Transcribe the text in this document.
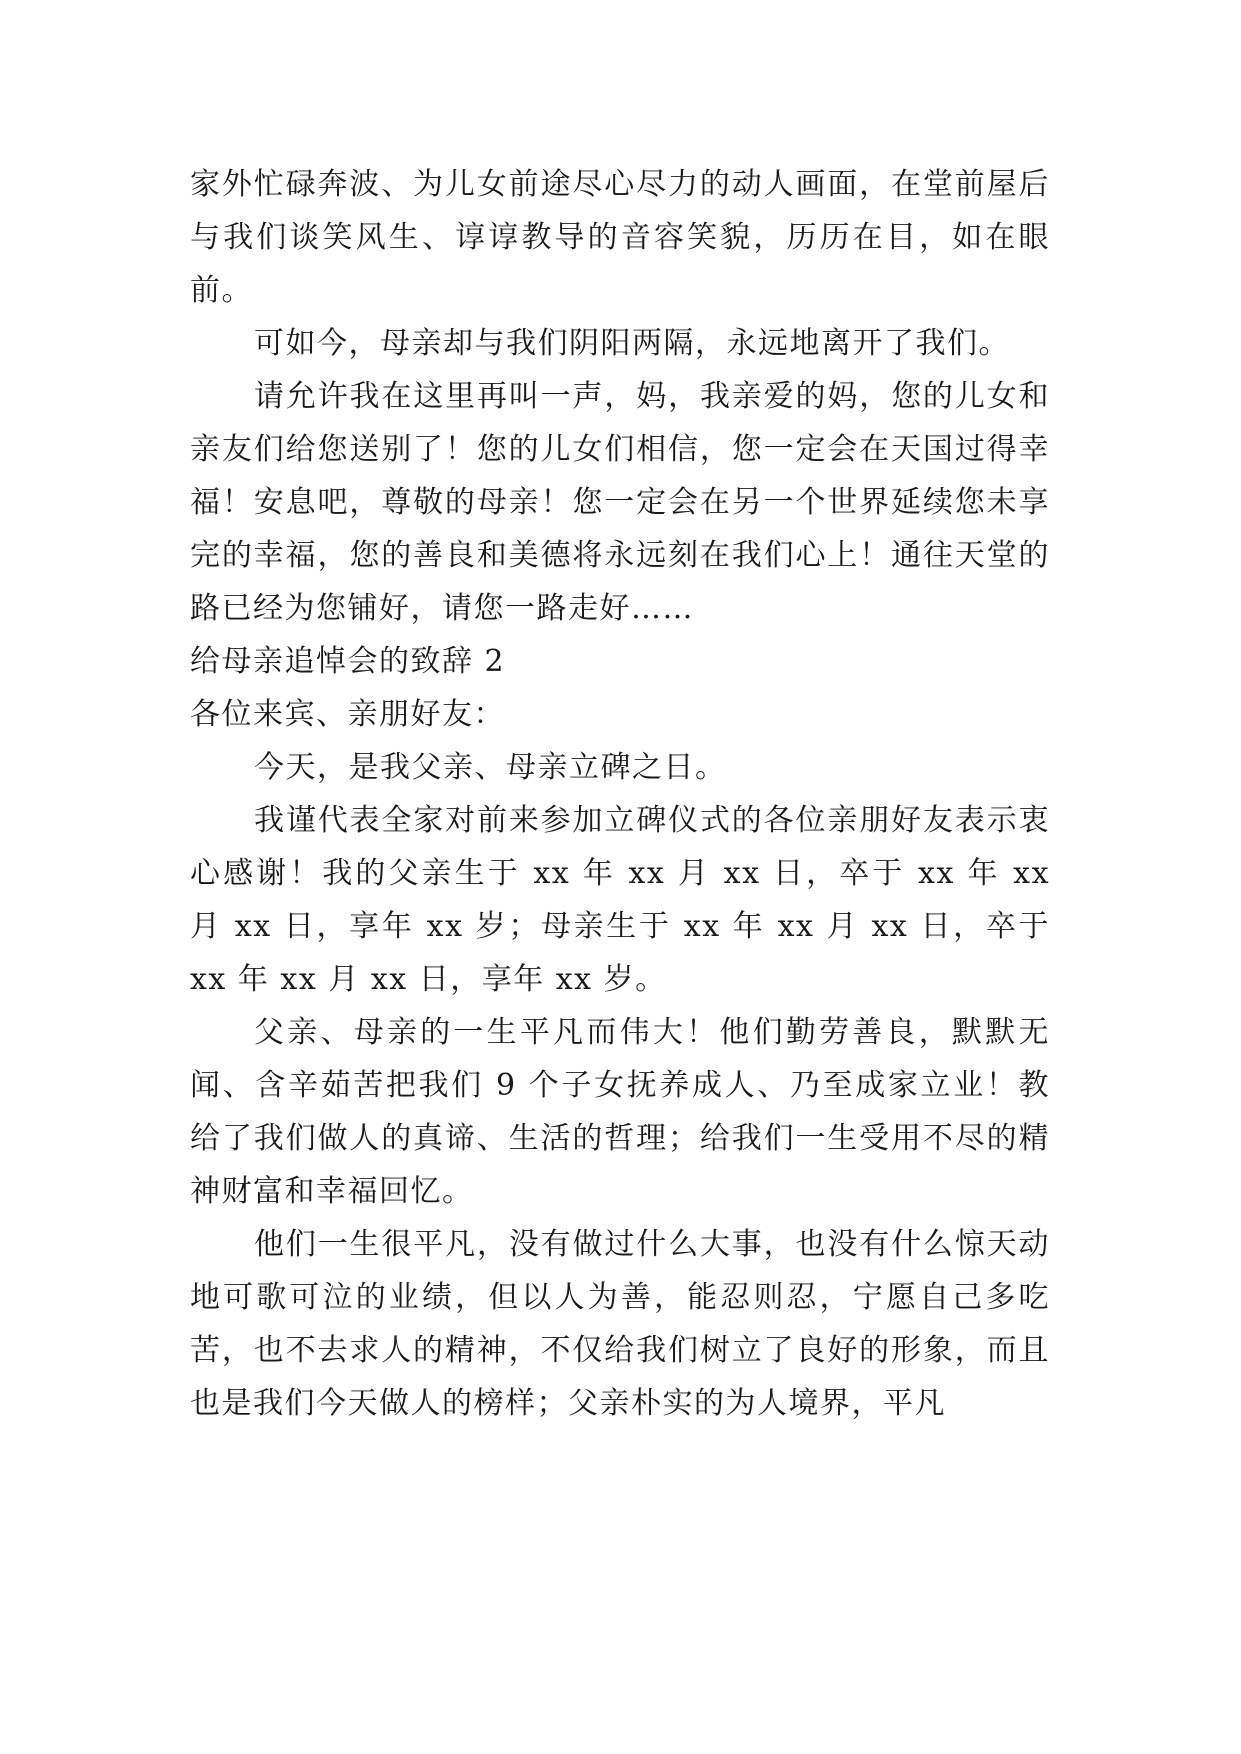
家外忙碌奔波、为儿女前途尽心尽力的动人画面，在堂前屋后与我们谈笑风生、谆谆教导的音容笑貌，历历在目，如在眼前。

可如今，母亲却与我们阴阳两隔，永远地离开了我们。

请允许我在这里再叫一声，妈，我亲爱的妈，您的儿女和亲友们给您送别了！您的儿女们相信，您一定会在天国过得幸福！安息吧，尊敬的母亲！您一定会在另一个世界延续您未享完的幸福，您的善良和美德将永远刻在我们心上！通往天堂的路已经为您铺好，请您一路走好……

给母亲追悼会的致辞 2

各位来宾、亲朋好友：

今天，是我父亲、母亲立碑之日。

我谨代表全家对前来参加立碑仪式的各位亲朋好友表示衷心感谢！我的父亲生于 xx 年 xx 月 xx 日，卒于 xx 年 xx 月 xx 日，享年 xx 岁；母亲生于 xx 年 xx 月 xx 日，卒于 xx 年 xx 月 xx 日，享年 xx 岁。

父亲、母亲的一生平凡而伟大！他们勤劳善良，默默无闻、含辛茹苦把我们 9 个子女抚养成人、乃至成家立业！教给了我们做人的真谛、生活的哲理；给我们一生受用不尽的精神财富和幸福回忆。

他们一生很平凡，没有做过什么大事，也没有什么惊天动地可歌可泣的业绩，但以人为善，能忍则忍，宁愿自己多吃苦，也不去求人的精神，不仅给我们树立了良好的形象，而且也是我们今天做人的榜样；父亲朴实的为人境界，平凡
